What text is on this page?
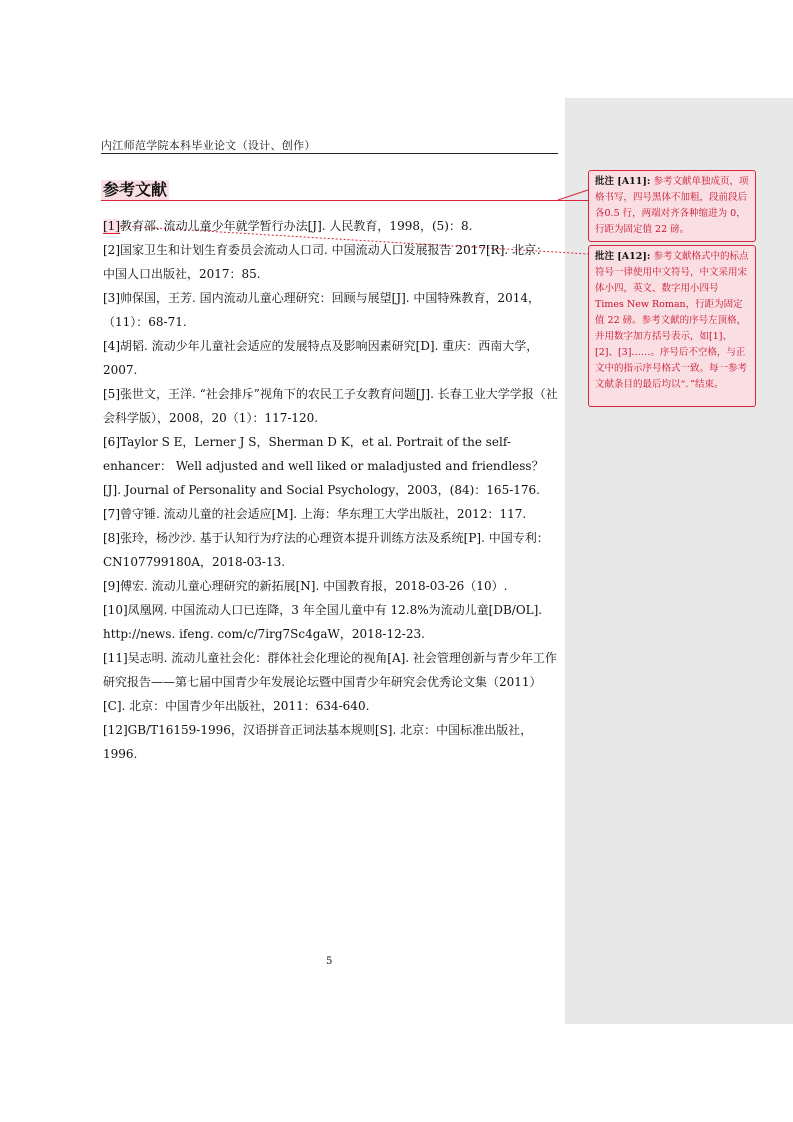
内江师范学院本科毕业论文（设计、创作）
参考文献

[1]教育部. 流动儿童少年就学暂行办法[J]. 人民教育，1998，(5)：8.

[2]国家卫生和计划生育委员会流动人口司. 中国流动人口发展报告 2017[R]. 北京：中国人口出版社，2017：85.

[3]帅保国，王芳. 国内流动儿童心理研究：回顾与展望[J]. 中国特殊教育，2014，（11）：68-71.

[4]胡韬. 流动少年儿童社会适应的发展特点及影响因素研究[D]. 重庆：西南大学，2007.

[5]张世文，王洋. “社会排斥”视角下的农民工子女教育问题[J]. 长春工业大学学报（社会科学版），2008，20（1）：117-120.

[6]Taylor S E，Lerner J S，Sherman D K，et al. Portrait of the self-enhancer： Well adjusted and well liked or maladjusted and friendless？ [J]. Journal of Personality and Social Psychology，2003，(84)：165-176.

[7]曾守锤. 流动儿童的社会适应[M]. 上海：华东理工大学出版社，2012：117.

[8]张玲，杨沙沙. 基于认知行为疗法的心理资本提升训练方法及系统[P]. 中国专利：CN107799180A，2018-03-13.

[9]傅宏. 流动儿童心理研究的新拓展[N]. 中国教育报，2018-03-26（10）.

[10]凤凰网. 中国流动人口已连降，3 年全国儿童中有 12.8%为流动儿童[DB/OL]. http://news. ifeng. com/c/7irg7Sc4gaW，2018-12-23.

[11]吴志明. 流动儿童社会化：群体社会化理论的视角[A]. 社会管理创新与青少年工作研究报告——第七届中国青少年发展论坛暨中国青少年研究会优秀论文集（2011）[C]. 北京：中国青少年出版社，2011：634-640.

[12]GB/T16159-1996，汉语拼音正词法基本规则[S]. 北京：中国标准出版社，1996.

批注 [A11]: 参考文献单独成页，项格书写，四号黑体不加粗，段前段后各0.5 行，两端对齐各种缩进为 0，行距为固定值 22 磅。
批注 [A12]: 参考文献格式中的标点符号一律使用中文符号，中文采用宋体小四，英文、数字用小四号 Times New Roman，行距为固定值 22 磅。参考文献的序号左顶格，并用数字加方括号表示，如[1]、[2]、[3]……。序号后不空格，与正文中的指示序号格式一致。每一参考文献条目的最后均以“．”结束。
5
